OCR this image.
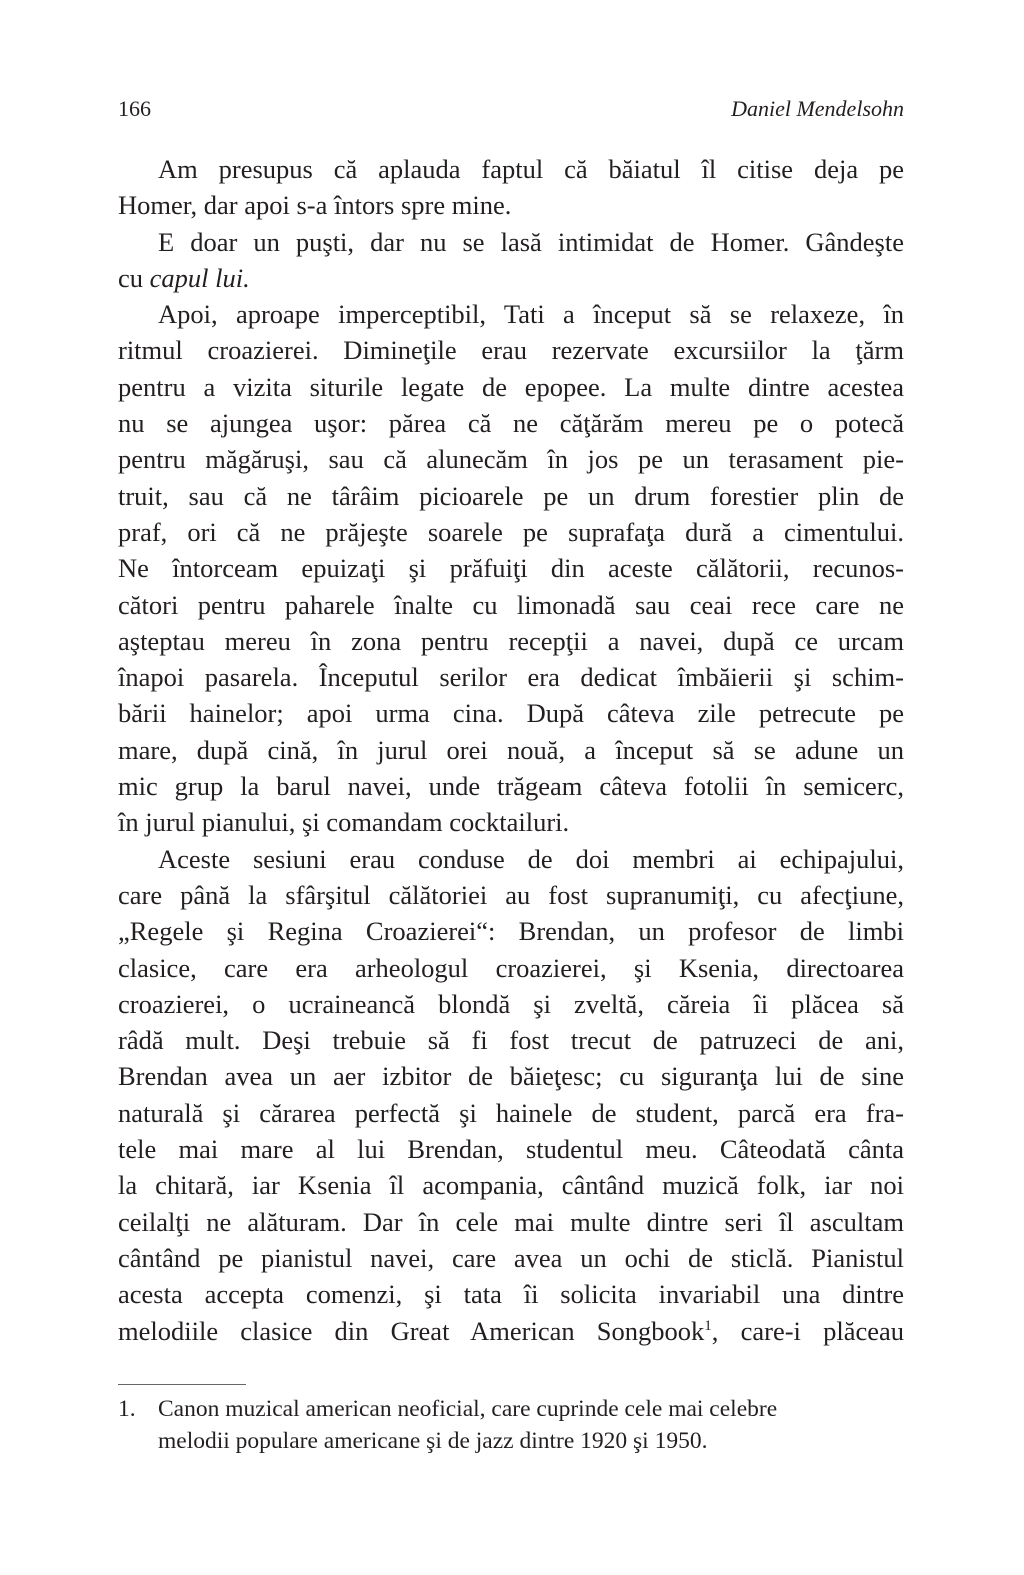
166	Daniel Mendelsohn
Am presupus că aplauda faptul că băiatul îl citise deja pe
Homer, dar apoi s-a întors spre mine.
E doar un puşti, dar nu se lasă intimidat de Homer. Gândeşte
cu capul lui.
Apoi, aproape imperceptibil, Tati a început să se relaxeze, în
ritmul croazierei. Dimineţile erau rezervate excursiilor la ţărm
pentru a vizita siturile legate de epopee. La multe dintre acestea
nu se ajungea uşor: părea că ne căţărăm mereu pe o potecă
pentru măgăruşi, sau că alunecăm în jos pe un terasament pie-
truit, sau că ne târâim picioarele pe un drum forestier plin de
praf, ori că ne prăjeşte soarele pe suprafaţa dură a cimentului.
Ne întorceam epuizaţi şi prăfuiţi din aceste călătorii, recunos-
cători pentru paharele înalte cu limonadă sau ceai rece care ne
aşteptau mereu în zona pentru recepţii a navei, după ce urcam
înapoi pasarela. Începutul serilor era dedicat îmbăierii şi schim-
bării hainelor; apoi urma cina. După câteva zile petrecute pe
mare, după cină, în jurul orei nouă, a început să se adune un
mic grup la barul navei, unde trăgeam câteva fotolii în semicerc,
în jurul pianului, şi comandam cocktailuri.
Aceste sesiuni erau conduse de doi membri ai echipajului,
care până la sfârşitul călătoriei au fost supranumiţi, cu afecţiune,
„Regele şi Regina Croazierei“: Brendan, un profesor de limbi
clasice, care era arheologul croazierei, şi Ksenia, directoarea
croazierei, o ucraineancă blondă şi zveltă, căreia îi plăcea să
râdă mult. Deşi trebuie să fi fost trecut de patruzeci de ani,
Brendan avea un aer izbitor de băieţesc; cu siguranţa lui de sine
naturală şi cărarea perfectă şi hainele de student, parcă era fra-
tele mai mare al lui Brendan, studentul meu. Câteodată cânta
la chitară, iar Ksenia îl acompania, cântând muzică folk, iar noi
ceilalţi ne alăturam. Dar în cele mai multe dintre seri îl ascultam
cântând pe pianistul navei, care avea un ochi de sticlă. Pianistul
acesta accepta comenzi, şi tata îi solicita invariabil una dintre
melodiile clasice din Great American Songbook$^1$, care-i plăceau
1. Canon muzical american neoficial, care cuprinde cele mai celebre
melodii populare americane şi de jazz dintre 1920 şi 1950.
